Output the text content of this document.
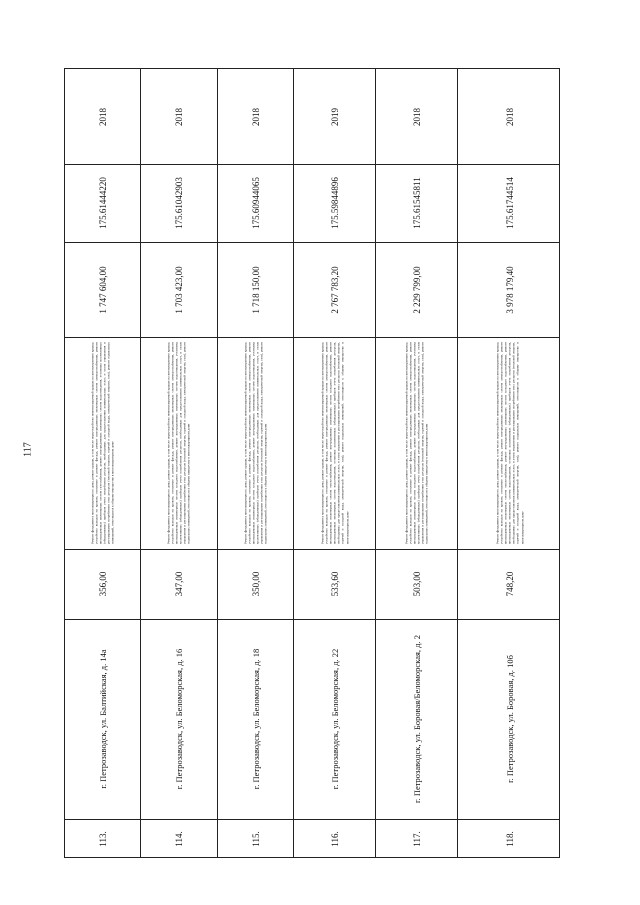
117
2018
175.61444220
1 747 604,00
Ремонт фундамента многоквартирного дома, ремонт крыши, в том числе переустройство невентилируемой крыши на вентилируемую крышу, устройство выходов на кровлю, утепление и ремонт фасада, ремонт внутридомовых инженерных систем электроснабжения, ремонт внутридомовых инженерных систем газоснабжения, ремонт внутридомовых инженерных систем водоотведения, установка коллективных (общедомовых) приборов учета потребления ресурсов, необходимых для предоставления коммунальных услуг, и узлов управления и регулирования потребления этих ресурсов (тепловой энергии, горячей и холодной воды, электрической энергии, газа), ремонт подвальных помещений, относящихся к общему имуществу в многоквартирном доме
356,00
г. Петрозаводск, ул. Балтийская, д. 14а
113.
2018
175.61042903
1 703 423,00
Ремонт фундамента многоквартирного дома, ремонт крыши, в том числе переустройство невентилируемой крыши на вентилируемую крышу, устройство выходов на кровлю, утепление и ремонт фасада, ремонт внутридомовых инженерных систем электроснабжения, ремонт внутридомовых инженерных систем холодного водоснабжения, ремонт внутридомовых инженерных систем водоотведения, установка коллективных (общедомовых) приборов учета потребления ресурсов, необходимых для предоставления коммунальных услуг, и узлов управления и регулирования потребления этих ресурсов (тепловой энергии, горячей и холодной воды, электрической энергии, газа), ремонт подвальных помещений, относящихся к общему имуществу в многоквартирном доме
347,00
г. Петрозаводск, ул. Беломорская, д. 16
114.
2018
175.60944065
1 718 150,00
Ремонт фундамента многоквартирного дома, ремонт крыши, в том числе переустройство невентилируемой крыши на вентилируемую крышу, устройство выходов на кровлю, утепление и ремонт фасада, ремонт внутридомовых инженерных систем электроснабжения, ремонт внутридомовых инженерных систем холодного водоснабжения, ремонт внутридомовых инженерных систем водоотведения, установка коллективных (общедомовых) приборов учета потребления ресурсов, необходимых для предоставления коммунальных услуг, и узлов управления и регулирования потребления этих ресурсов (тепловой энергии, горячей и холодной воды, электрической энергии, газа), ремонт подвальных помещений, относящихся к общему имуществу в многоквартирном доме
350,00
г. Петрозаводск, ул. Беломорская, д. 18
115.
2019
175.59844896
2 767 783,20
Ремонт фундамента многоквартирного дома, ремонт крыши, в том числе переустройство невентилируемой крыши на вентилируемую крышу, устройство выходов на кровлю, утепление и ремонт фасада, ремонт внутридомовых инженерных систем электроснабжения, ремонт внутридомовых инженерных систем теплоснабжения, ремонт внутридомовых инженерных систем холодного водоснабжения, ремонт внутридомовых инженерных систем водоотведения, установка коллективных (общедомовых) приборов учета потребления ресурсов, необходимых для предоставления коммунальных услуг, и узлов управления и регулирования потребления этих ресурсов (тепловой энергии, горячей и холодной воды, электрической энергии, газа), ремонт подвальных помещений, относящихся к общему имуществу в многоквартирном доме
533,60
г. Петрозаводск, ул. Беломорская, д. 22
116.
2018
175.61545811
2 229 799,00
Ремонт фундамента многоквартирного дома, ремонт крыши, в том числе переустройство невентилируемой крыши на вентилируемую крышу, устройство выходов на кровлю, утепление и ремонт фасада, ремонт внутридомовых инженерных систем электроснабжения, ремонт внутридомовых инженерных систем холодного водоснабжения, ремонт внутридомовых инженерных систем водоотведения, установка коллективных (общедомовых) приборов учета потребления ресурсов, необходимых для предоставления коммунальных услуг, и узлов управления и регулирования потребления этих ресурсов (тепловой энергии, горячей и холодной воды, электрической энергии, газа), ремонт подвальных помещений, относящихся к общему имуществу в многоквартирном доме
503,00
г. Петрозаводск, ул. Боровая/Беломорская, д. 2
117.
2018
175.61744514
3 978 179,40
Ремонт фундамента многоквартирного дома, ремонт крыши, в том числе переустройство невентилируемой крыши на вентилируемую крышу, устройство выходов на кровлю, утепление и ремонт фасада, ремонт внутридомовых инженерных систем электроснабжения, ремонт внутридомовых инженерных систем теплоснабжения, ремонт внутридомовых инженерных систем холодного водоснабжения, ремонт внутридомовых инженерных систем водоотведения, установка коллективных (общедомовых) приборов учета потребления ресурсов, необходимых для предоставления коммунальных услуг, и узлов управления и регулирования потребления этих ресурсов (тепловой энергии, горячей и холодной воды, электрической энергии, газа), ремонт подвальных помещений, относящихся к общему имуществу в многоквартирном доме
748,20
г. Петрозаводск, ул. Боровая, д. 10б
118.
